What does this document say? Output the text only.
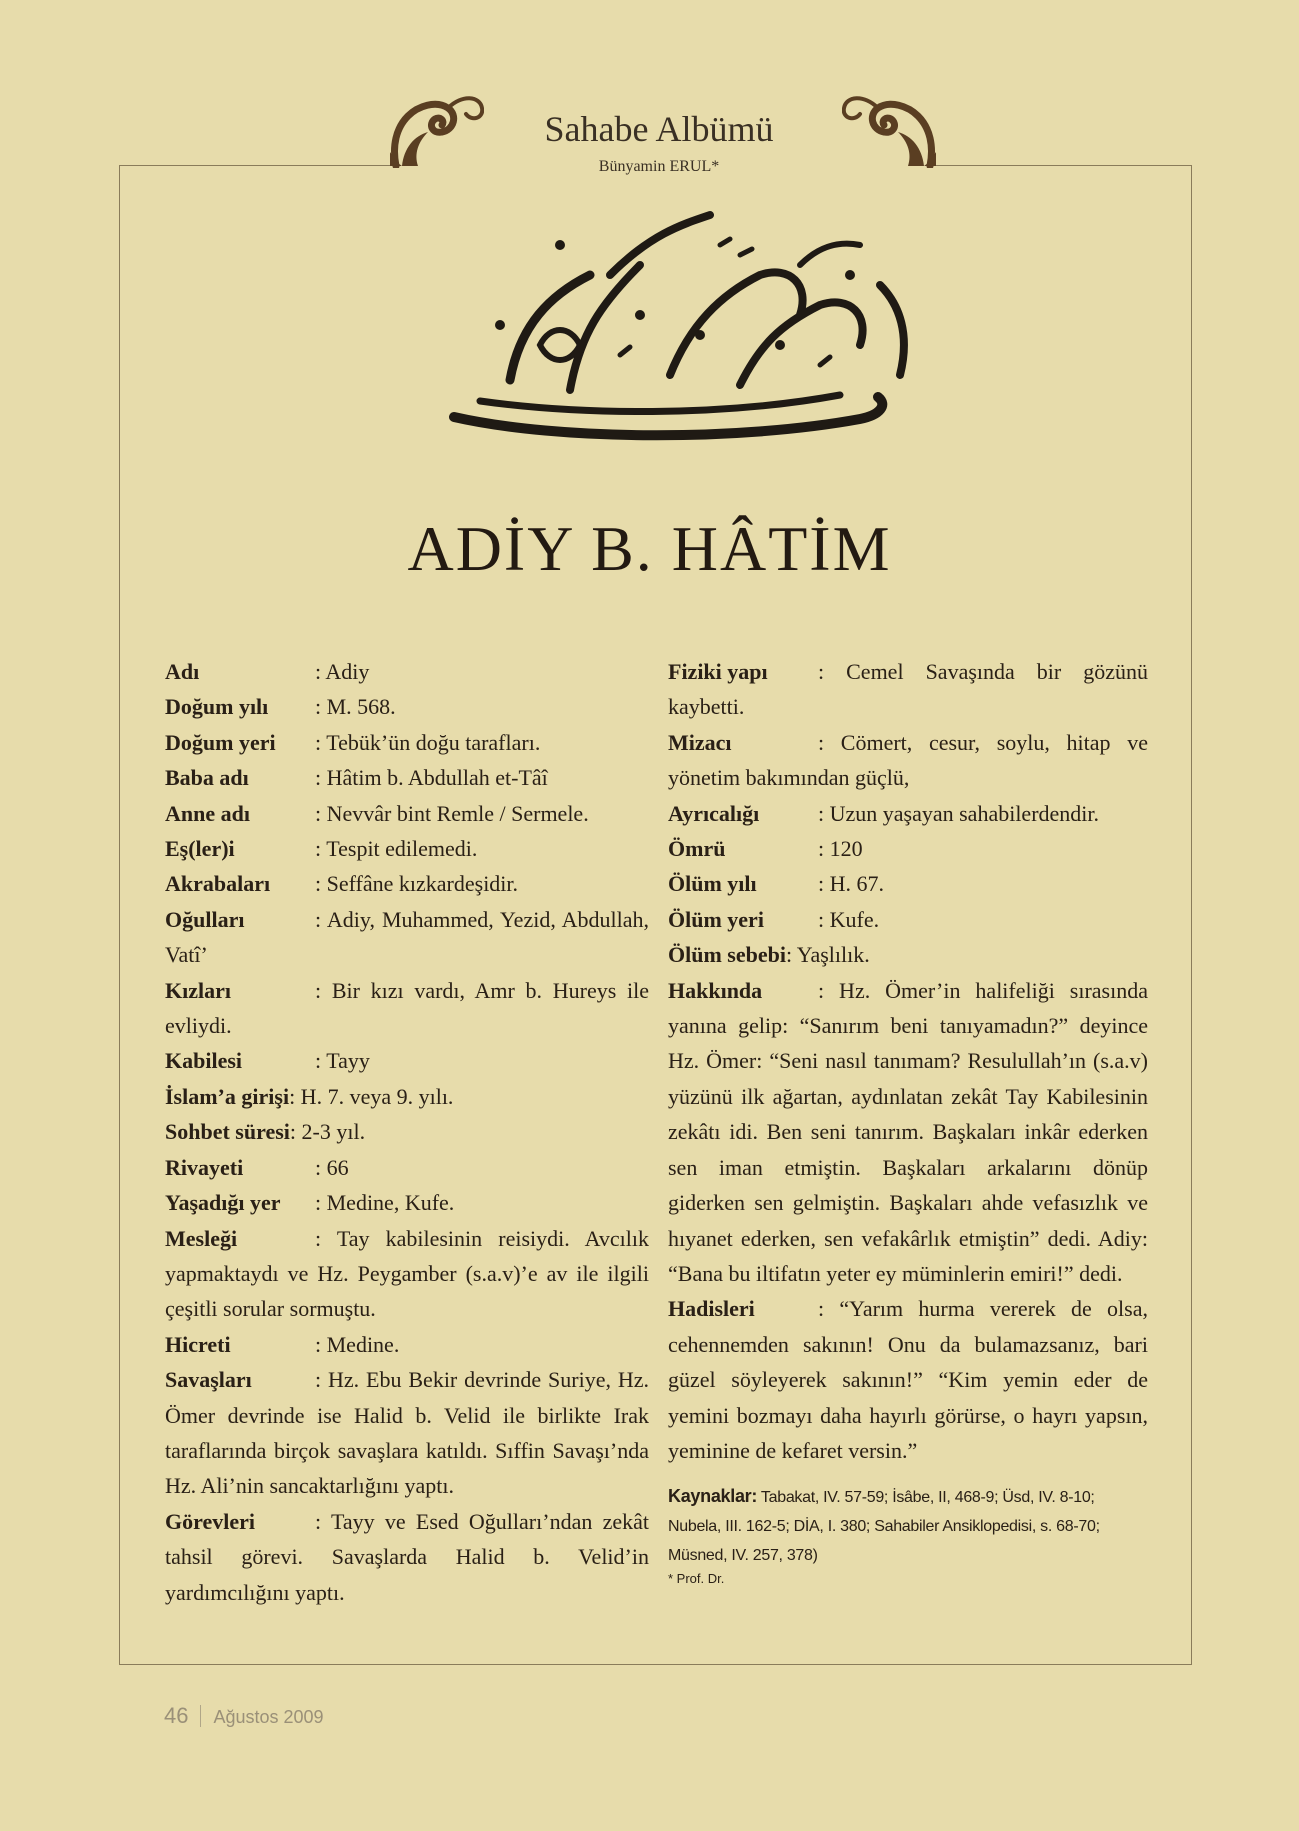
Sahabe Albümü
Bünyamin ERUL*
ADİY B. HÂTİM

Adı	: Adiy

Doğum yılı : M. 568.

Doğum yeri : Tebük’ün doğu tarafları.

Baba adı	: Hâtim b. Abdullah et-Tâî

Anne adı	: Nevvâr bint Remle / Sermele.

Eş(ler)i	: Tespit edilemedi.

Akrabaları : Seffâne kızkardeşidir.

Oğulları	: Adiy, Muhammed, Yezid, Abdullah, Vatî’

Kızları	: Bir kızı vardı, Amr b. Hureys ile evliydi.

Kabilesi	: Tayy

İslam’a girişi: H. 7. veya 9. yılı.

Sohbet süresi: 2-3 yıl.

Rivayeti	: 66

Yaşadığı yer : Medine, Kufe.

Mesleği	: Tay kabilesinin reisiydi. Avcılık yapmaktaydı ve Hz. Peygamber (s.a.v)’e av ile ilgili çeşitli sorular sormuştu.

Hicreti	: Medine.

Savaşları	: Hz. Ebu Bekir devrinde Suriye, Hz. Ömer devrinde ise Halid b. Velid ile birlikte Irak taraflarında birçok savaşlara katıldı. Sıffin Savaşı’nda Hz. Ali’nin sancaktarlığını yaptı.

Görevleri	: Tayy ve Esed Oğulları’ndan zekât tahsil görevi. Savaşlarda Halid b. Velid’in yardımcılığını yaptı.

Fiziki yapı : Cemel Savaşında bir gözünü kaybetti.

Mizacı	: Cömert, cesur, soylu, hitap ve yönetim bakımından güçlü,

Ayrıcalığı	: Uzun yaşayan sahabilerdendir.

Ömrü	: 120

Ölüm yılı	: H. 67.

Ölüm yeri : Kufe.

Ölüm sebebi: Yaşlılık.

Hakkında	: Hz. Ömer’in halifeliği sırasında yanına gelip: “Sanırım beni tanıyamadın?” deyince Hz. Ömer: “Seni nasıl tanımam? Resulullah’ın (s.a.v) yüzünü ilk ağartan, aydınlatan zekât Tay Kabilesinin zekâtı idi. Ben seni tanırım. Başkaları inkâr ederken sen iman etmiştin. Başkaları arkalarını dönüp giderken sen gelmiştin. Başkaları ahde vefasızlık ve hıyanet ederken, sen vefakârlık etmiştin” dedi. Adiy: “Bana bu iltifatın yeter ey müminlerin emiri!” dedi.

Hadisleri	: “Yarım hurma vererek de olsa, cehennemden sakının! Onu da bulamazsanız, bari güzel söyleyerek sakının!” “Kim yemin eder de yemini bozmayı daha hayırlı görürse, o hayrı yapsın, yeminine de kefaret versin.”

Kaynaklar: Tabakat, IV. 57-59; İsâbe, II, 468-9; Üsd, IV. 8-10; Nubela, III. 162-5; DİA, I. 380; Sahabiler Ansiklopedisi, s. 68-70; Müsned, IV. 257, 378)
* Prof. Dr.
46 Ağustos 2009
